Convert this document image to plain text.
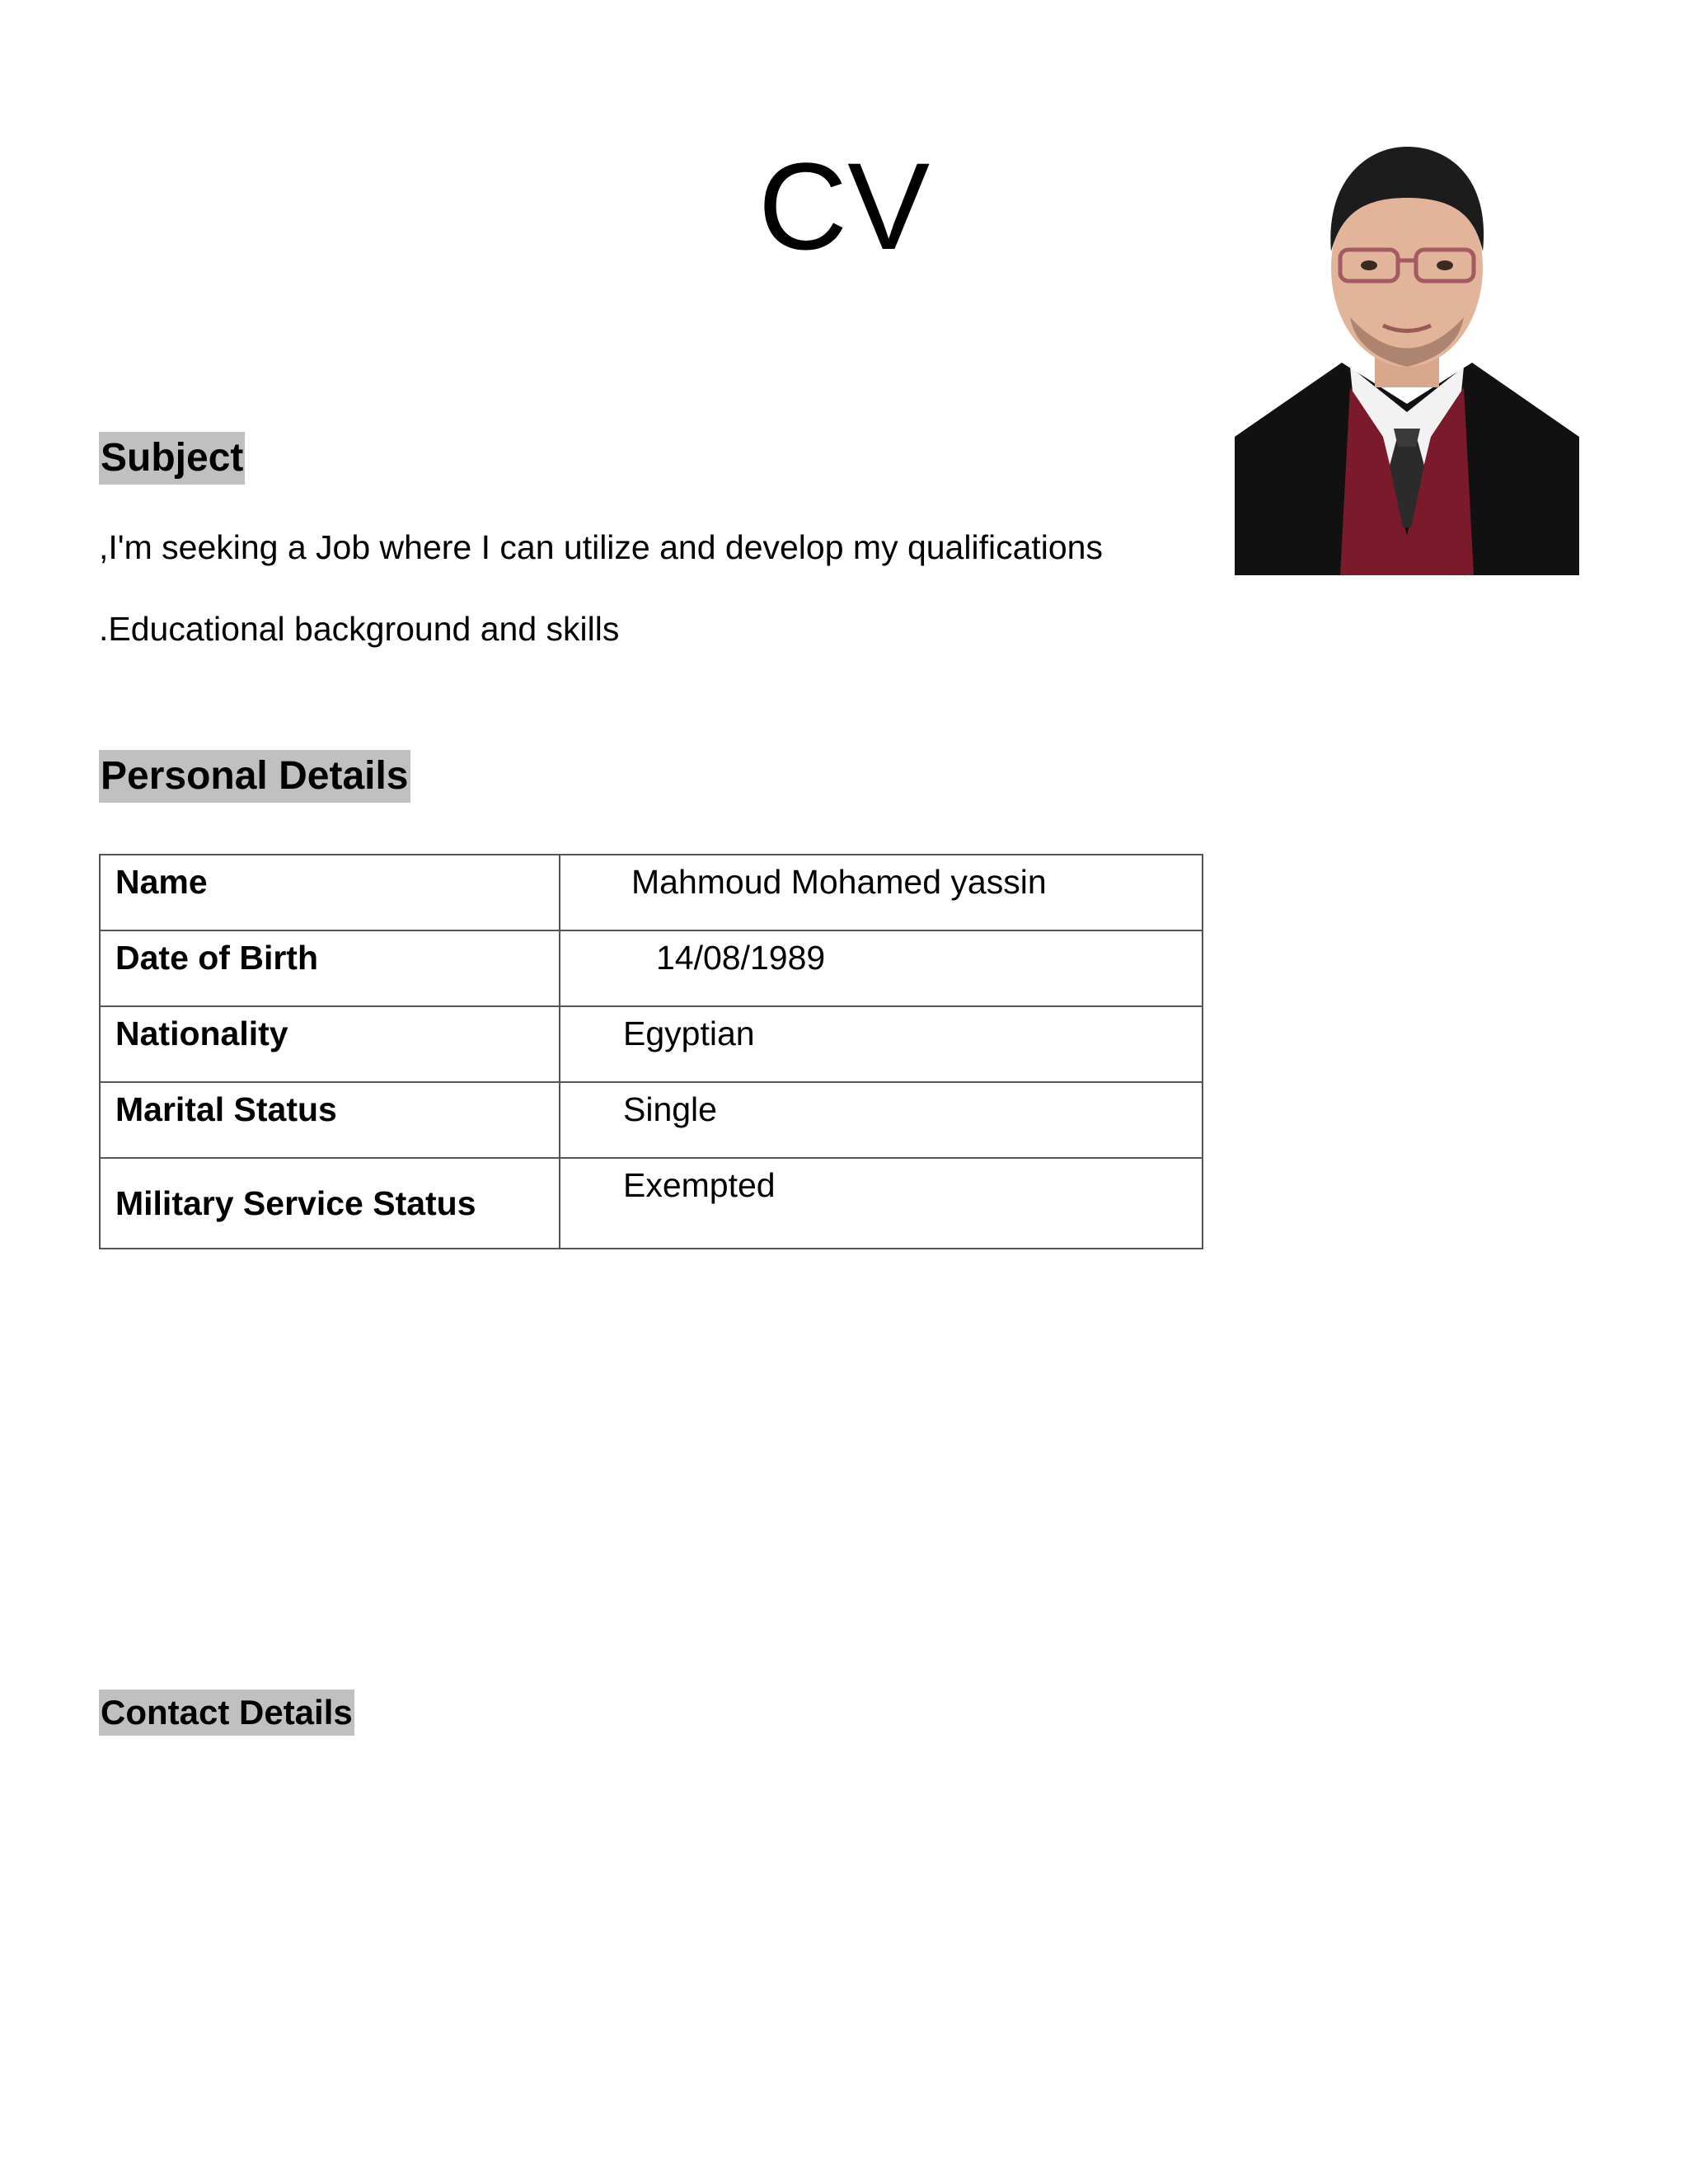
CV
Subject

,I'm seeking a Job where I can utilize and develop my qualifications

.Educational background and skills

Personal Details
Name	Mahmoud Mohamed yassin
Date of Birth	14/08/1989
Nationality	Egyptian
Marital Status	Single
Military Service Status	Exempted
Contact Details
